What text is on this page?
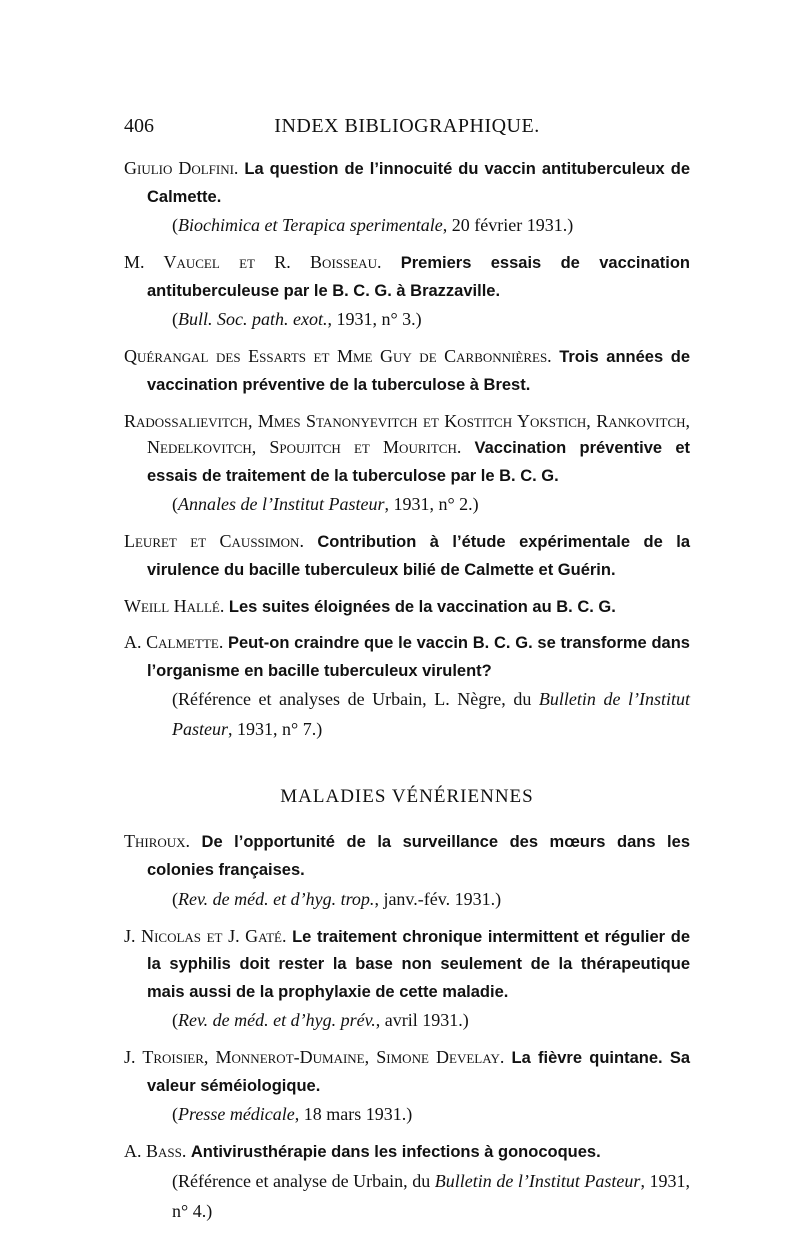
406	INDEX BIBLIOGRAPHIQUE.
Giulio Dolfini. La question de l’innocuité du vaccin antituberculeux de Calmette.
(Biochimica et Terapica sperimentale, 20 février 1931.)
M. Vaucel et R. Boisseau. Premiers essais de vaccination antituberculeuse par le B. C. G. à Brazzaville.
(Bull. Soc. path. exot., 1931, n° 3.)
Quérangal des Essarts et Mme Guy de Carbonnières. Trois années de vaccination préventive de la tuberculose à Brest.
Radossalievitch, Mmes Stanonyevitch et Kostitch Yokstich, Rankovitch, Nedelkovitch, Spoujitch et Mouritch. Vaccination préventive et essais de traitement de la tuberculose par le B. C. G.
(Annales de l’Institut Pasteur, 1931, n° 2.)
Leuret et Caussimon. Contribution à l’étude expérimentale de la virulence du bacille tuberculeux bilié de Calmette et Guérin.
Weill Hallé. Les suites éloignées de la vaccination au B. C. G.
A. Calmette. Peut-on craindre que le vaccin B. C. G. se transforme dans l’organisme en bacille tuberculeux virulent?
(Référence et analyses de Urbain, L. Nègre, du Bulletin de l’Institut Pasteur, 1931, n° 7.)
MALADIES VÉNÉRIENNES
Thiroux. De l’opportunité de la surveillance des mœurs dans les colonies françaises.
(Rev. de méd. et d’hyg. trop., janv.-fév. 1931.)
J. Nicolas et J. Gaté. Le traitement chronique intermittent et régulier de la syphilis doit rester la base non seulement de la thérapeutique mais aussi de la prophylaxie de cette maladie.
(Rev. de méd. et d’hyg. prév., avril 1931.)
J. Troisier, Monnerot-Dumaine, Simone Develay. La fièvre quintane. Sa valeur séméiologique.
(Presse médicale, 18 mars 1931.)
A. Bass. Antivirusthérapie dans les infections à gonocoques.
(Référence et analyse de Urbain, du Bulletin de l’Institut Pasteur, 1931, n° 4.)
